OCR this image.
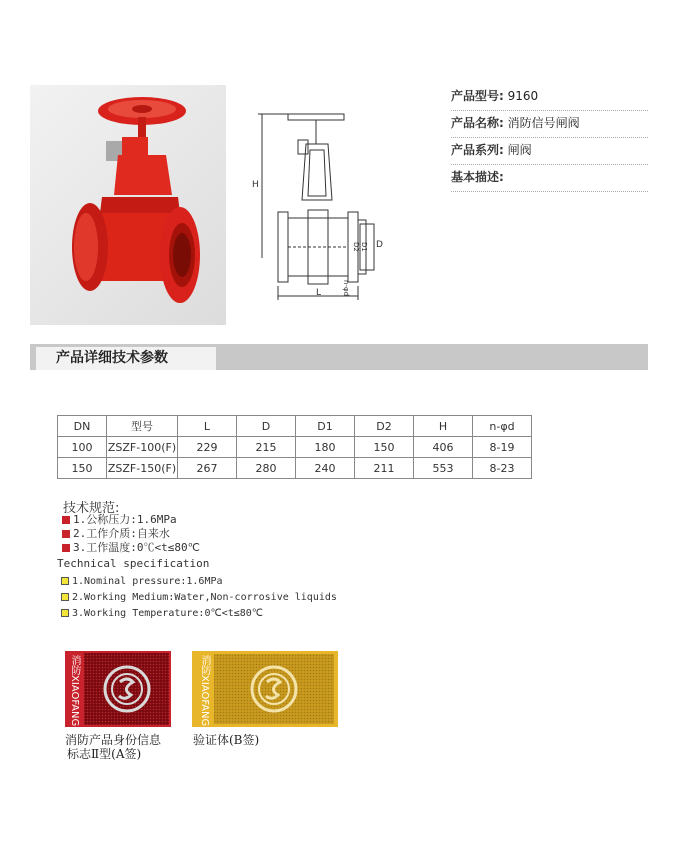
H
L
D
D1
D2
n-φd
产品型号: 9160
产品名称: 消防信号闸阀
产品系列: 闸阀
基本描述:
产品详细技术参数
DN	型号	L	D	D1	D2	H	n-φd
100	ZSZF-100(F)	229	215	180	150	406	8-19
150	ZSZF-150(F)	267	280	240	211	553	8-23
技术规范:
1.公称压力:1.6MPa
2.工作介质:自来水
3.工作温度:0℃<t≤80℃
Technical specification
1.Nominal pressure:1.6MPa
2.Working Medium:Water,Non-corrosive liquids
3.Working Temperature:0℃<t≤80℃
消防XIAOFANG
消防产品身份信息
标志Ⅱ型(A签)
消防XIAOFANG
验证体(B签)
